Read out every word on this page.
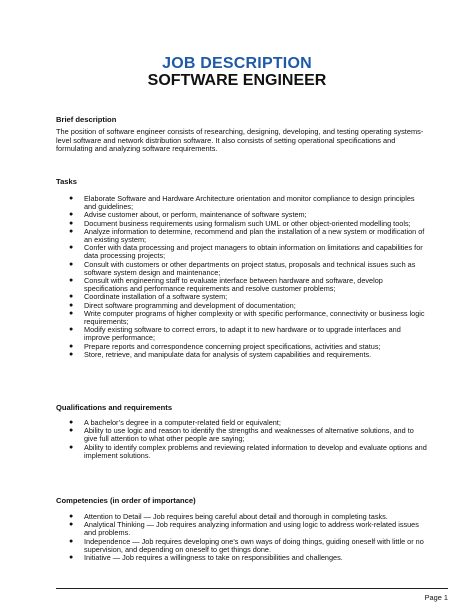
JOB DESCRIPTION
SOFTWARE ENGINEER
Brief description

The position of software engineer consists of researching, designing, developing, and testing operating systems-level software and network distribution software. It also consists of setting operational specifications and formulating and analyzing software requirements.

Tasks
● Elaborate Software and Hardware Architecture orientation and monitor compliance to design principles and guidelines;
● Advise customer about, or perform, maintenance of software system;
● Document business requirements using formalism such UML or other object-oriented modelling tools;
● Analyze information to determine, recommend and plan the installation of a new system or modification of an existing system;
● Confer with data processing and project managers to obtain information on limitations and capabilities for data processing projects;
● Consult with customers or other departments on project status, proposals and technical issues such as software system design and maintenance;
● Consult with engineering staff to evaluate interface between hardware and software, develop specifications and performance requirements and resolve customer problems;
● Coordinate installation of a software system;
● Direct software programming and development of documentation;
● Write computer programs of higher complexity or with specific performance, connectivity or business logic requirements;
● Modify existing software to correct errors, to adapt it to new hardware or to upgrade interfaces and improve performance;
● Prepare reports and correspondence concerning project specifications, activities and status;
● Store, retrieve, and manipulate data for analysis of system capabilities and requirements.
Qualifications and requirements
● A bachelor’s degree in a computer-related field or equivalent;
● Ability to use logic and reason to identify the strengths and weaknesses of alternative solutions, and to give full attention to what other people are saying;
● Ability to identify complex problems and reviewing related information to develop and evaluate options and implement solutions.
Competencies (in order of importance)
● Attention to Detail — Job requires being careful about detail and thorough in completing tasks.
● Analytical Thinking — Job requires analyzing information and using logic to address work-related issues and problems.
● Independence — Job requires developing one’s own ways of doing things, guiding oneself with little or no supervision, and depending on oneself to get things done.
● Initiative — Job requires a willingness to take on responsibilities and challenges.
Page 1
